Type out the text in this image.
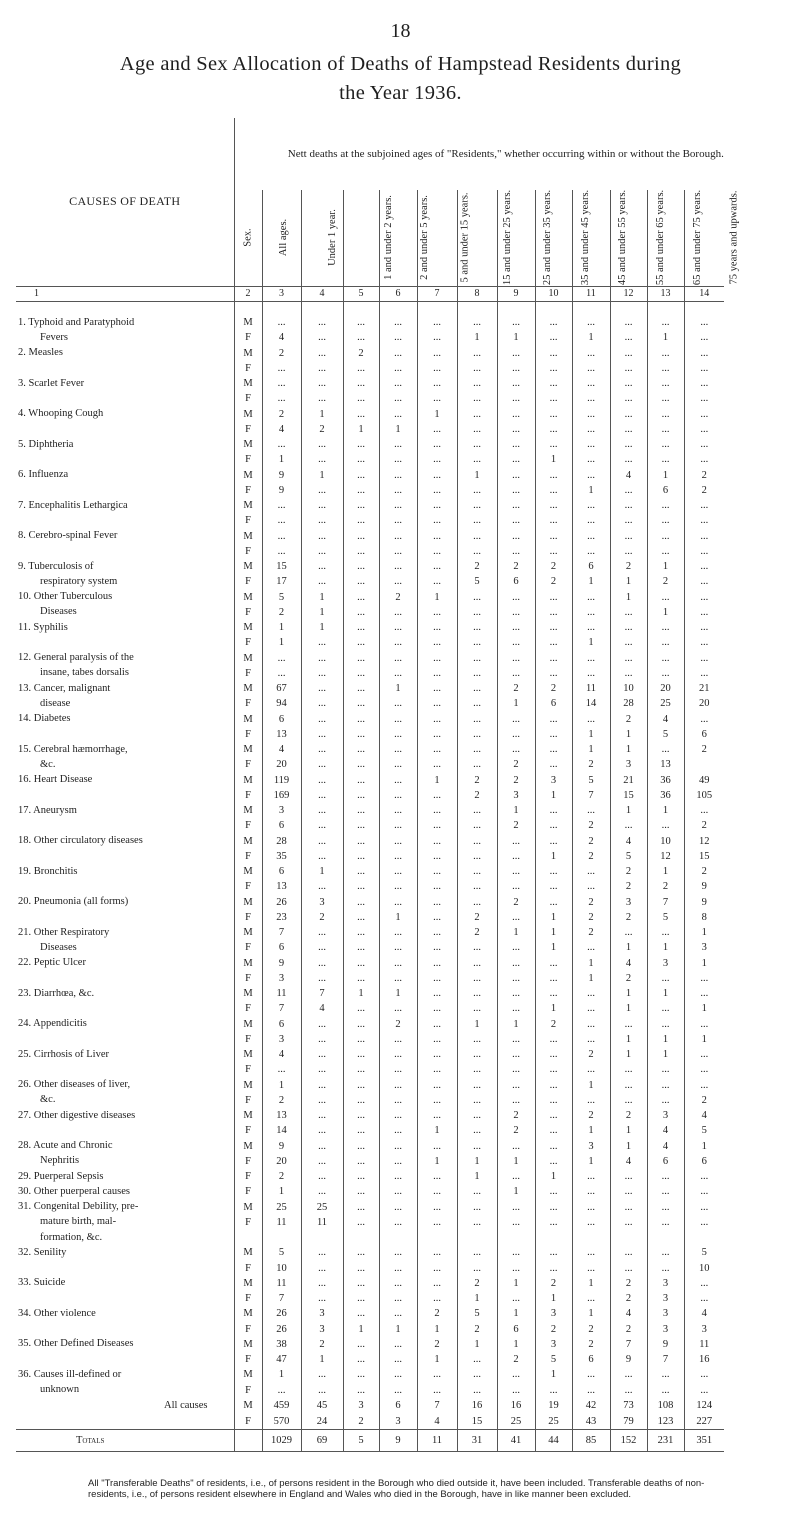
18
Age and Sex Allocation of Deaths of Hampstead Residents during
the Year 1936.
CAUSES OF DEATH	Nett deaths at the subjoined ages of "Residents," whether occurring within or without the Borough.												
	Sex.	All ages.	Under 1 year.	1 and under 2 years.	2 and under 5 years.	5 and under 15 years.	15 and under 25 years.	25 and under 35 years.	35 and under 45 years.	45 and under 55 years.	55 and under 65 years.	65 and under 75 years.	75 years and upwards.
1	2	3	4	5	6	7	8	9	10	11	12	13	14

1. Typhoid and Paratyphoid	M	...	...	...	...	...	...	...	...	...	...	...	...
Fevers	F	4	...	...	...	...	1	1	...	1	...	1	...
2. Measles	M	2	...	2	...	...	...	...	...	...	...	...	...
	F	...	...	...	...	...	...	...	...	...	...	...	...
3. Scarlet Fever	M	...	...	...	...	...	...	...	...	...	...	...	...
	F	...	...	...	...	...	...	...	...	...	...	...	...
4. Whooping Cough	M	2	1	...	...	1	...	...	...	...	...	...	...
	F	4	2	1	1	...	...	...	...	...	...	...	...
5. Diphtheria	M	...	...	...	...	...	...	...	...	...	...	...	...
	F	1	...	...	...	...	...	...	1	...	...	...	...
6. Influenza	M	9	1	...	...	...	1	...	...	...	4	1	2
	F	9	...	...	...	...	...	...	...	1	...	6	2
7. Encephalitis Lethargica	M	...	...	...	...	...	...	...	...	...	...	...	...
	F	...	...	...	...	...	...	...	...	...	...	...	...
8. Cerebro-spinal Fever	M	...	...	...	...	...	...	...	...	...	...	...	...
	F	...	...	...	...	...	...	...	...	...	...	...	...
9. Tuberculosis of	M	15	...	...	...	...	2	2	2	6	2	1	...
respiratory system	F	17	...	...	...	...	5	6	2	1	1	2	...
10. Other Tuberculous	M	5	1	...	2	1	...	...	...	...	1	...	...
Diseases	F	2	1	...	...	...	...	...	...	...	...	1	...
11. Syphilis	M	1	1	...	...	...	...	...	...	...	...	...	...
	F	1	...	...	...	...	...	...	...	1	...	...	...
12. General paralysis of the	M	...	...	...	...	...	...	...	...	...	...	...	...
insane, tabes dorsalis	F	...	...	...	...	...	...	...	...	...	...	...	...
13. Cancer, malignant	M	67	...	...	1	...	...	2	2	11	10	20	21
disease	F	94	...	...	...	...	...	1	6	14	28	25	20
14. Diabetes	M	6	...	...	...	...	...	...	...	...	2	4	...
	F	13	...	...	...	...	...	...	...	1	1	5	6
15. Cerebral hæmorrhage,	M	4	...	...	...	...	...	...	...	1	1	...	2
&c.	F	20	...	...	...	...	...	2	...	2	3	13	
16. Heart Disease	M	119	...	...	...	1	2	2	3	5	21	36	49
	F	169	...	...	...	...	2	3	1	7	15	36	105
17. Aneurysm	M	3	...	...	...	...	...	1	...	...	1	1	...
	F	6	...	...	...	...	...	2	...	2	...	...	2
18. Other circulatory diseases	M	28	...	...	...	...	...	...	...	2	4	10	12
	F	35	...	...	...	...	...	...	1	2	5	12	15
19. Bronchitis	M	6	1	...	...	...	...	...	...	...	2	1	2
	F	13	...	...	...	...	...	...	...	...	2	2	9
20. Pneumonia (all forms)	M	26	3	...	...	...	...	2	...	2	3	7	9
	F	23	2	...	1	...	2	...	1	2	2	5	8
21. Other Respiratory	M	7	...	...	...	...	2	1	1	2	...	...	1
Diseases	F	6	...	...	...	...	...	...	1	...	1	1	3
22. Peptic Ulcer	M	9	...	...	...	...	...	...	...	1	4	3	1
	F	3	...	...	...	...	...	...	...	1	2	...	...
23. Diarrhœa, &c.	M	11	7	1	1	...	...	...	...	...	1	1	...
	F	7	4	...	...	...	...	...	1	...	1	...	1
24. Appendicitis	M	6	...	...	2	...	1	1	2	...	...	...	...
	F	3	...	...	...	...	...	...	...	...	1	1	1
25. Cirrhosis of Liver	M	4	...	...	...	...	...	...	...	2	1	1	...
	F	...	...	...	...	...	...	...	...	...	...	...	...
26. Other diseases of liver,	M	1	...	...	...	...	...	...	...	1	...	...	...
&c.	F	2	...	...	...	...	...	...	...	...	...	...	2
27. Other digestive diseases	M	13	...	...	...	...	...	2	...	2	2	3	4
	F	14	...	...	...	1	...	2	...	1	1	4	5
28. Acute and Chronic	M	9	...	...	...	...	...	...	...	3	1	4	1
Nephritis	F	20	...	...	...	1	1	1	...	1	4	6	6
29. Puerperal Sepsis	F	2	...	...	...	...	1	...	1	...	...	...	...
30. Other puerperal causes	F	1	...	...	...	...	...	1	...	...	...	...	...
31. Congenital Debility, pre-	M	25	25	...	...	...	...	...	...	...	...	...	...
mature birth, mal-	F	11	11	...	...	...	...	...	...	...	...	...	...
formation, &c.													
32. Senility	M	5	...	...	...	...	...	...	...	...	...	...	5
	F	10	...	...	...	...	...	...	...	...	...	...	10
33. Suicide	M	11	...	...	...	...	2	1	2	1	2	3	...
	F	7	...	...	...	...	1	...	1	...	2	3	...
34. Other violence	M	26	3	...	...	2	5	1	3	1	4	3	4
	F	26	3	1	1	1	2	6	2	2	2	3	3
35. Other Defined Diseases	M	38	2	...	...	2	1	1	3	2	7	9	11
	F	47	1	...	...	1	...	2	5	6	9	7	16
36. Causes ill-defined or	M	1	...	...	...	...	...	...	1	...	...	...	...
unknown	F	...	...	...	...	...	...	...	...	...	...	...	...
All causes	M	459	45	3	6	7	16	16	19	42	73	108	124
	F	570	24	2	3	4	15	25	25	43	79	123	227
Totals		1029	69	5	9	11	31	41	44	85	152	231	351
All "Transferable Deaths" of residents, i.e., of persons resident in the Borough who died outside it, have been included. Transferable deaths of non-residents, i.e., of persons resident elsewhere in England and Wales who died in the Borough, have in like manner been excluded.
